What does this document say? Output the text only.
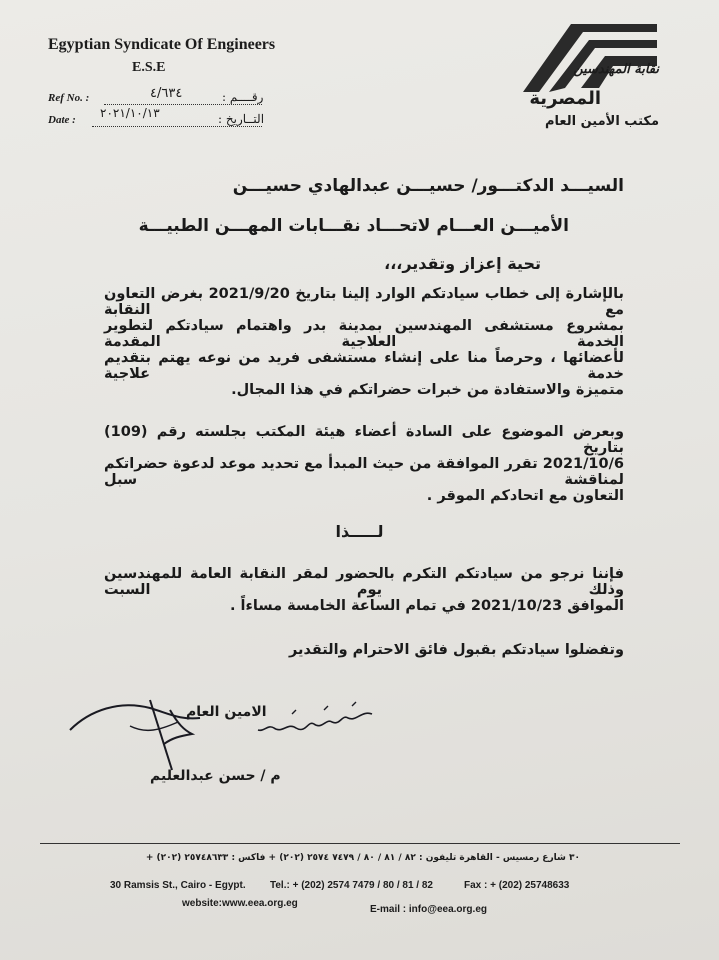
Egyptian Syndicate Of Engineers
E.S.E
Ref No. :	٤/٦٣٤	رقــــم :
Date : ٢٠٢١/١٠/١٣	التــاريخ :
نقابة المهندسين
المصرية
مكتب الأمين العام
السيـــد الدكتـــور/ حسيـــن عبدالهادي حسيـــن
الأميـــن العـــام لاتحـــاد نقـــابات المهـــن الطبيـــة
تحية إعزاز وتقدير،،،
بالإشارة إلى خطاب سيادتكم الوارد إلينا بتاريخ 2021/9/20 بغرض التعاون مع النقابة
بمشروع مستشفى المهندسين بمدينة بدر واهتمام سيادتكم لتطوير الخدمة العلاجية المقدمة
لأعضائها ، وحرصاً منا على إنشاء مستشفى فريد من نوعه يهتم بتقديم خدمة علاجية
متميزة والاستفادة من خبرات حضراتكم في هذا المجال.
وبعرض الموضوع على السادة أعضاء هيئة المكتب بجلسته رقم (109) بتاريخ
2021/10/6 تقرر الموافقة من حيث المبدأ مع تحديد موعد لدعوة حضراتكم لمناقشة سبل
التعاون مع اتحادكم الموقر .
لـــــذا
فإننا نرجو من سيادتكم التكرم بالحضور لمقر النقابة العامة للمهندسين وذلك يوم السبت
الموافق 2021/10/23 في تمام الساعة الخامسة مساءاً .
وتفضلوا سيادتكم بقبول فائق الاحترام والتقدير
الامين العام
م / حسن عبدالعليم
٣٠ شارع رمسيس - القاهرة تليفون : ٨٢ / ٨١ / ٨٠ / ٧٤٧٩ ٢٥٧٤ (٢٠٢) + فاكس : ٢٥٧٤٨٦٣٣ (٢٠٢) +
30 Ramsis St., Cairo - Egypt. Tel.: + (202) 2574 7479 / 80 / 81 / 82	Fax : + (202) 25748633
website:www.eea.org.eg
E-mail : info@eea.org.eg
